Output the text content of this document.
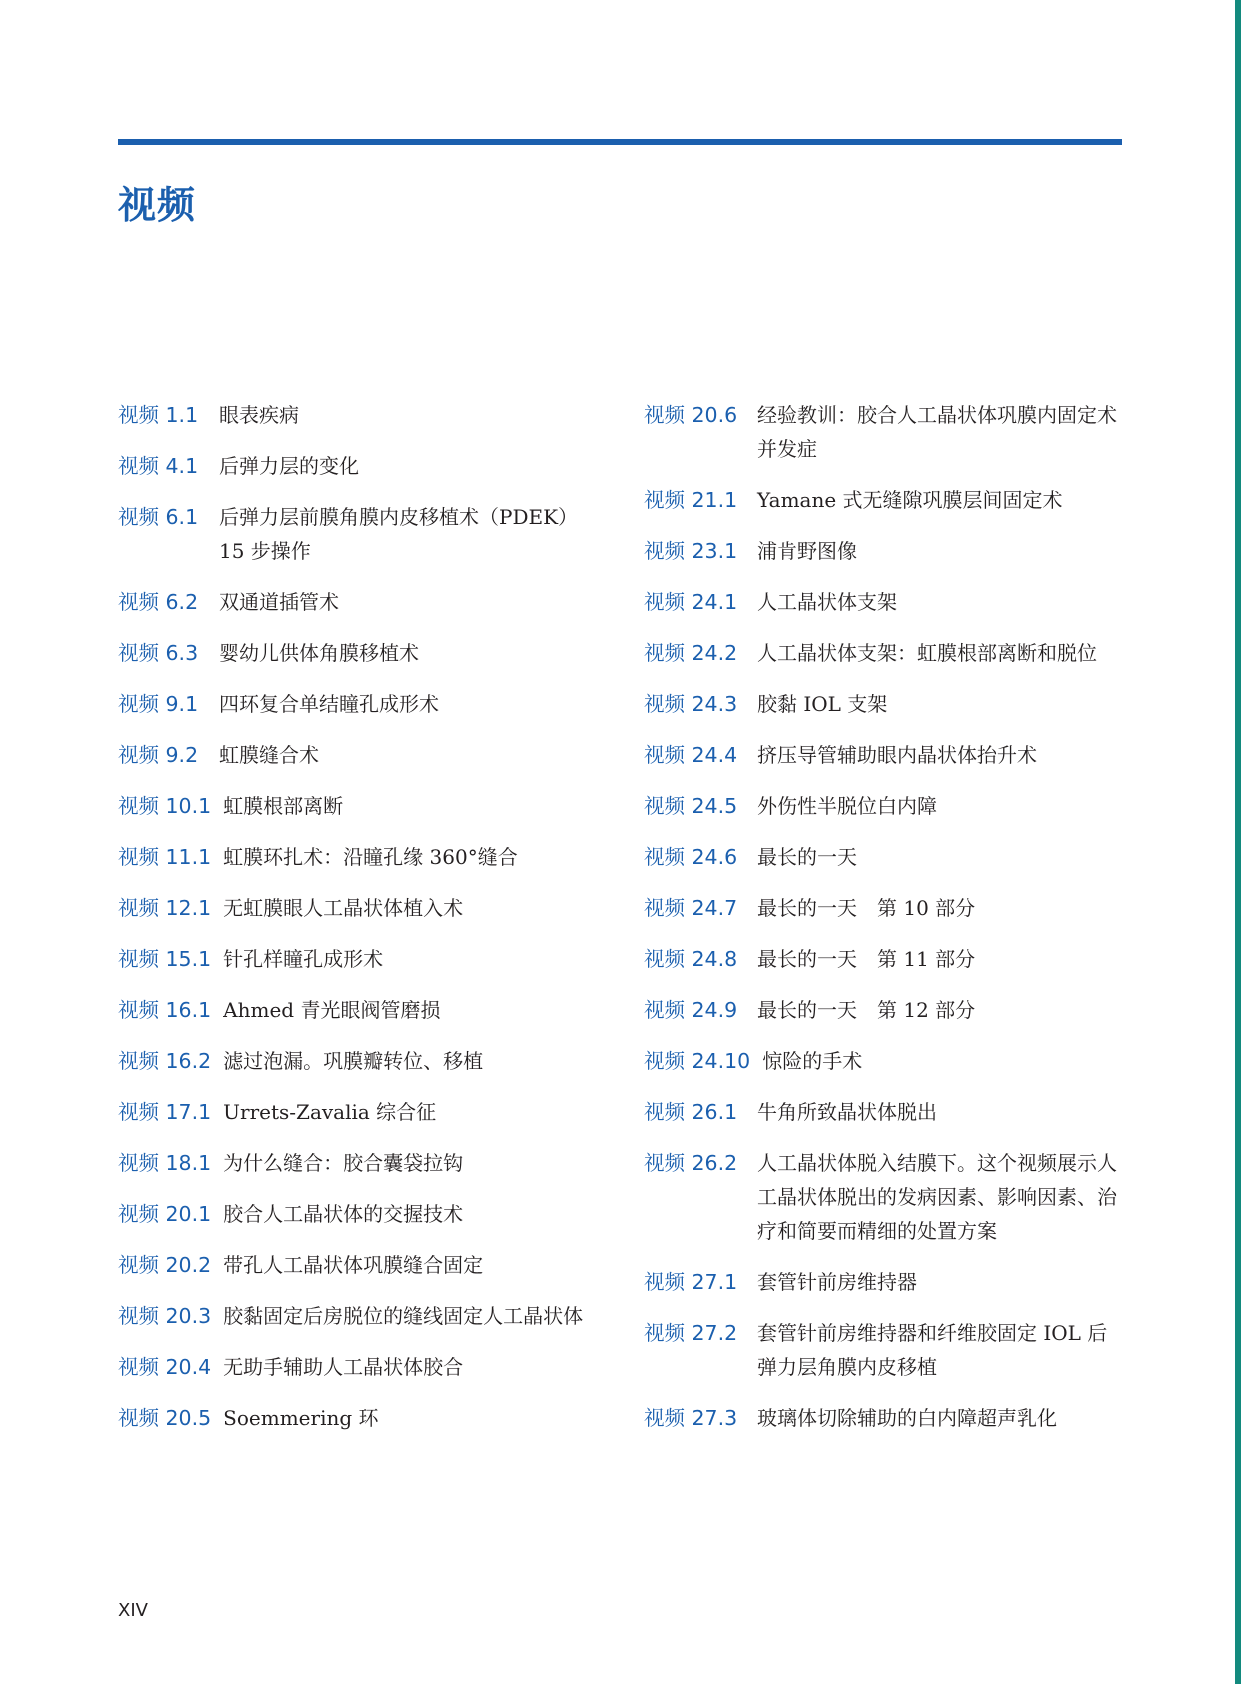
视频
视频 1.1	眼表疾病
视频 4.1	后弹力层的变化
视频 6.1	后弹力层前膜角膜内皮移植术（PDEK）15 步操作
视频 6.2	双通道插管术
视频 6.3	婴幼儿供体角膜移植术
视频 9.1	四环复合单结瞳孔成形术
视频 9.2	虹膜缝合术
视频 10.1 虹膜根部离断
视频 11.1 虹膜环扎术：沿瞳孔缘 360°缝合
视频 12.1 无虹膜眼人工晶状体植入术
视频 15.1 针孔样瞳孔成形术
视频 16.1 Ahmed 青光眼阀管磨损
视频 16.2 滤过泡漏。巩膜瓣转位、移植
视频 17.1 Urrets-Zavalia 综合征
视频 18.1 为什么缝合：胶合囊袋拉钩
视频 20.1 胶合人工晶状体的交握技术
视频 20.2 带孔人工晶状体巩膜缝合固定
视频 20.3 胶黏固定后房脱位的缝线固定人工晶状体
视频 20.4 无助手辅助人工晶状体胶合
视频 20.5 Soemmering 环
视频 20.6 经验教训：胶合人工晶状体巩膜内固定术并发症
视频 21.1 Yamane 式无缝隙巩膜层间固定术
视频 23.1 浦肯野图像
视频 24.1 人工晶状体支架
视频 24.2 人工晶状体支架：虹膜根部离断和脱位
视频 24.3 胶黏 IOL 支架
视频 24.4 挤压导管辅助眼内晶状体抬升术
视频 24.5 外伤性半脱位白内障
视频 24.6 最长的一天
视频 24.7 最长的一天　第 10 部分
视频 24.8 最长的一天　第 11 部分
视频 24.9 最长的一天　第 12 部分
视频 24.10 惊险的手术
视频 26.1 牛角所致晶状体脱出
视频 26.2 人工晶状体脱入结膜下。这个视频展示人工晶状体脱出的发病因素、影响因素、治疗和简要而精细的处置方案
视频 27.1 套管针前房维持器
视频 27.2 套管针前房维持器和纤维胶固定 IOL 后弹力层角膜内皮移植
视频 27.3 玻璃体切除辅助的白内障超声乳化
XIV
